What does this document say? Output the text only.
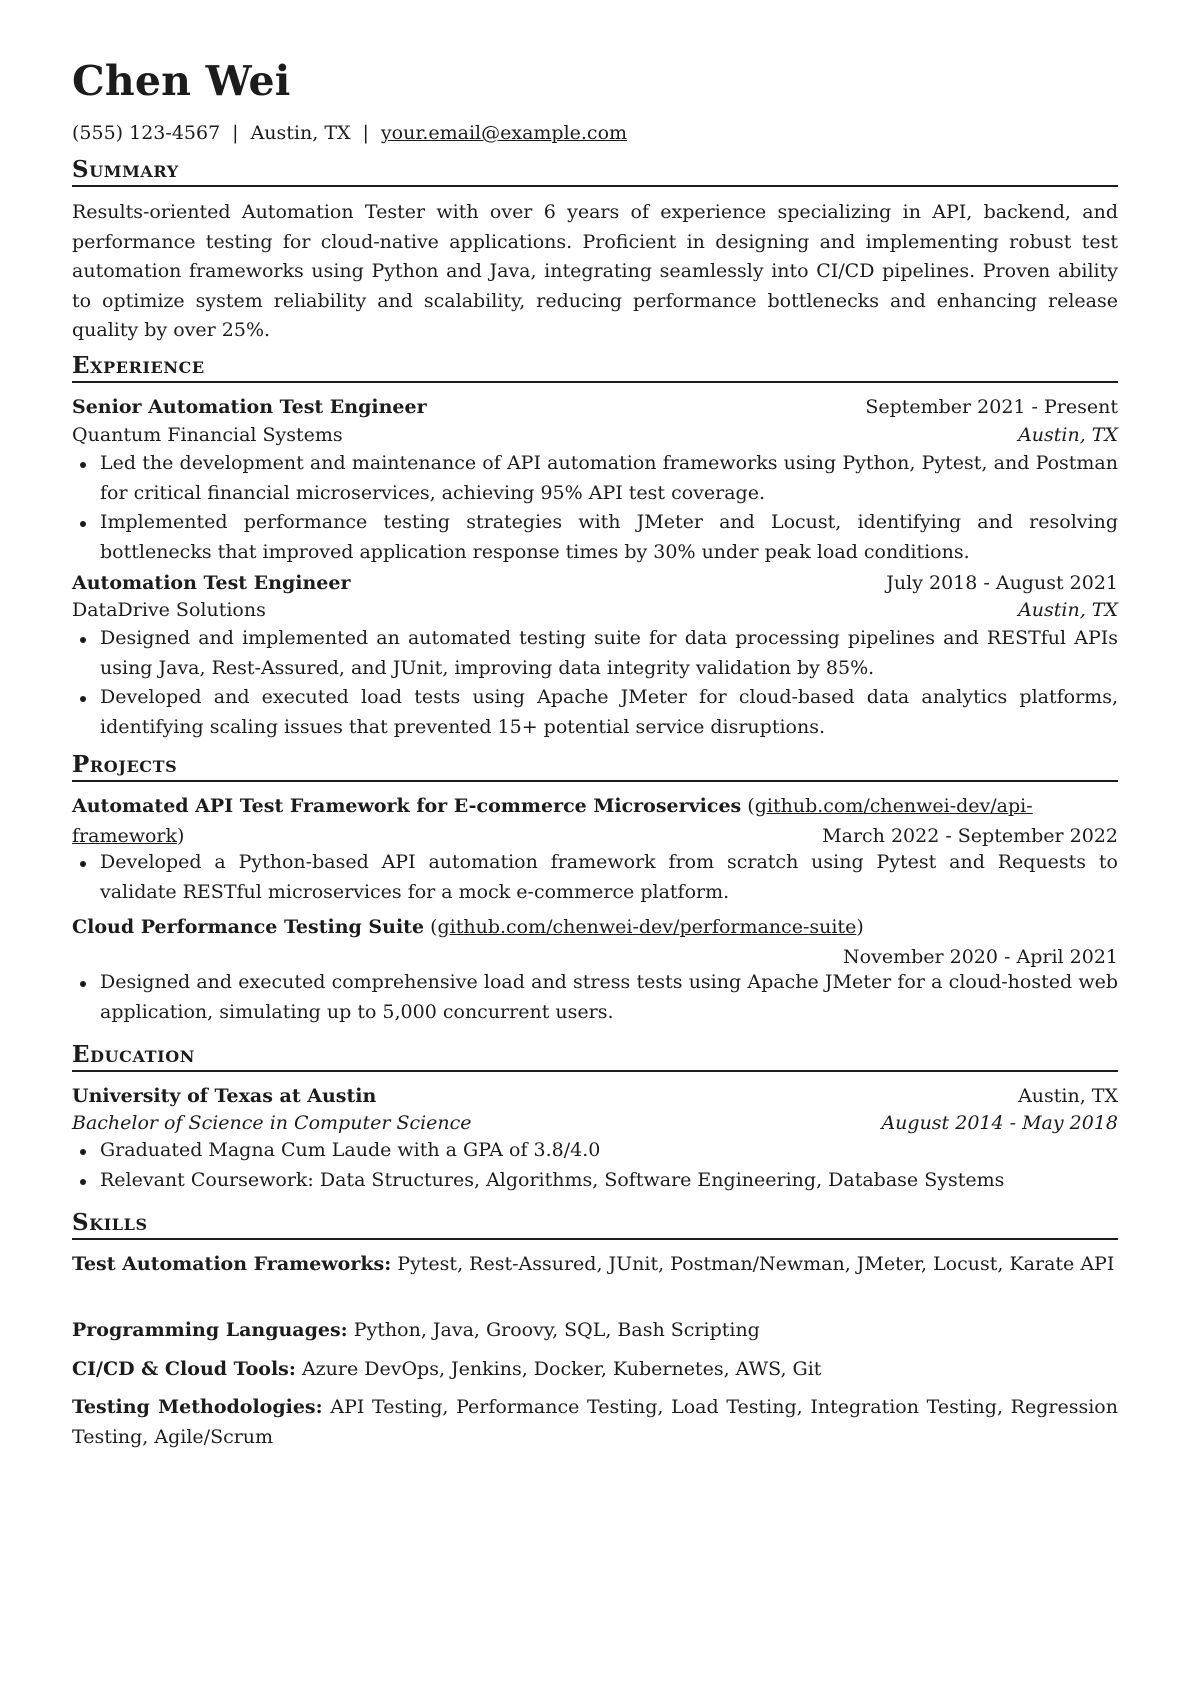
Chen Wei
(555) 123-4567 | Austin, TX | your.email@example.com
Summary

Results-oriented Automation Tester with over 6 years of experience specializing in API, backend, and performance testing for cloud-native applications. Proficient in designing and implementing robust test automation frameworks using Python and Java, integrating seamlessly into CI/CD pipelines. Proven ability to optimize system reliability and scalability, reducing performance bottlenecks and enhancing release quality by over 25%.

Experience
Senior Automation Test Engineer	September 2021 - Present
Quantum Financial Systems	Austin, TX
Led the development and maintenance of API automation frameworks using Python, Pytest, and Postman for critical financial microservices, achieving 95% API test coverage.
Implemented performance testing strategies with JMeter and Locust, identifying and resolving bottlenecks that improved application response times by 30% under peak load conditions.
Automation Test Engineer	July 2018 - August 2021
DataDrive Solutions	Austin, TX
Designed and implemented an automated testing suite for data processing pipelines and RESTful APIs using Java, Rest-Assured, and JUnit, improving data integrity validation by 85%.
Developed and executed load tests using Apache JMeter for cloud-based data analytics platforms, identifying scaling issues that prevented 15+ potential service disruptions.
Projects

Automated API Test Framework for E-commerce Microservices (github.com/chenwei-dev/api-framework)	March 2022 - September 2022

Developed a Python-based API automation framework from scratch using Pytest and Requests to validate RESTful microservices for a mock e-commerce platform.

Cloud Performance Testing Suite (github.com/chenwei-dev/performance-suite)
November 2020 - April 2021

Designed and executed comprehensive load and stress tests using Apache JMeter for a cloud-hosted web application, simulating up to 5,000 concurrent users.
Education
University of Texas at Austin	Austin, TX
Bachelor of Science in Computer Science	August 2014 - May 2018
Graduated Magna Cum Laude with a GPA of 3.8/4.0
Relevant Coursework: Data Structures, Algorithms, Software Engineering, Database Systems
Skills

Test Automation Frameworks: Pytest, Rest-Assured, JUnit, Postman/Newman, JMeter, Locust, Karate API

Programming Languages: Python, Java, Groovy, SQL, Bash Scripting

CI/CD & Cloud Tools: Azure DevOps, Jenkins, Docker, Kubernetes, AWS, Git

Testing Methodologies: API Testing, Performance Testing, Load Testing, Integration Testing, Regression Testing, Agile/Scrum
